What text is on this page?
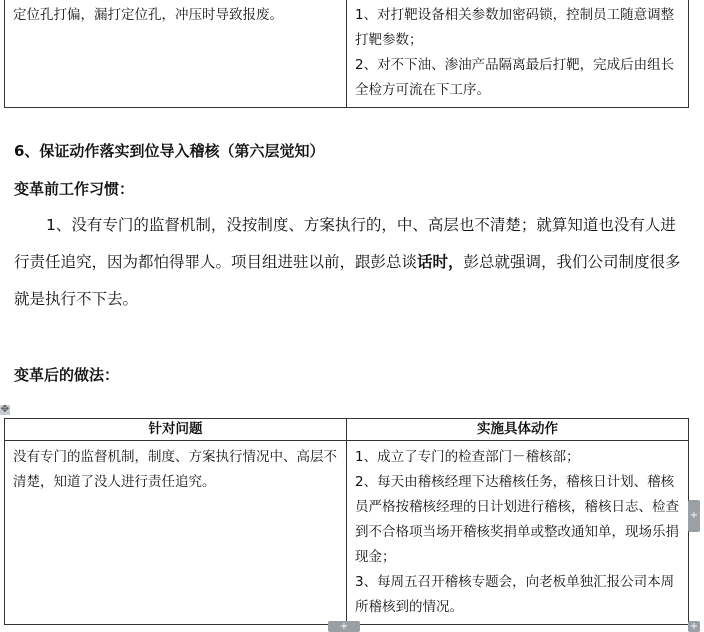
定位孔打偏，漏打定位孔，冲压时导致报废。	1、对打靶设备相关参数加密码锁，控制员工随意调整打靶参数；
2、对不下油、渗油产品隔离最后打靶，完成后由组长全检方可流在下工序。
6、保证动作落实到位导入稽核（第六层觉知）
变革前工作习惯：

1、没有专门的监督机制，没按制度、方案执行的，中、高层也不清楚；就算知道也没有人进行责任追究，因为都怕得罪人。项目组进驻以前，跟彭总谈话时，彭总就强调，我们公司制度很多就是执行不下去。

变革后的做法：
✥
针对问题	实施具体动作
没有专门的监督机制，制度、方案执行情况中、高层不清楚，知道了没人进行责任追究。	1、成立了专门的检查部门－稽核部；
2、每天由稽核经理下达稽核任务，稽核日计划、稽核员严格按稽核经理的日计划进行稽核，稽核日志、检查到不合格项当场开稽核奖捐单或整改通知单，现场乐捐现金；
3、每周五召开稽核专题会，向老板单独汇报公司本周所稽核到的情况。
+
+	+
